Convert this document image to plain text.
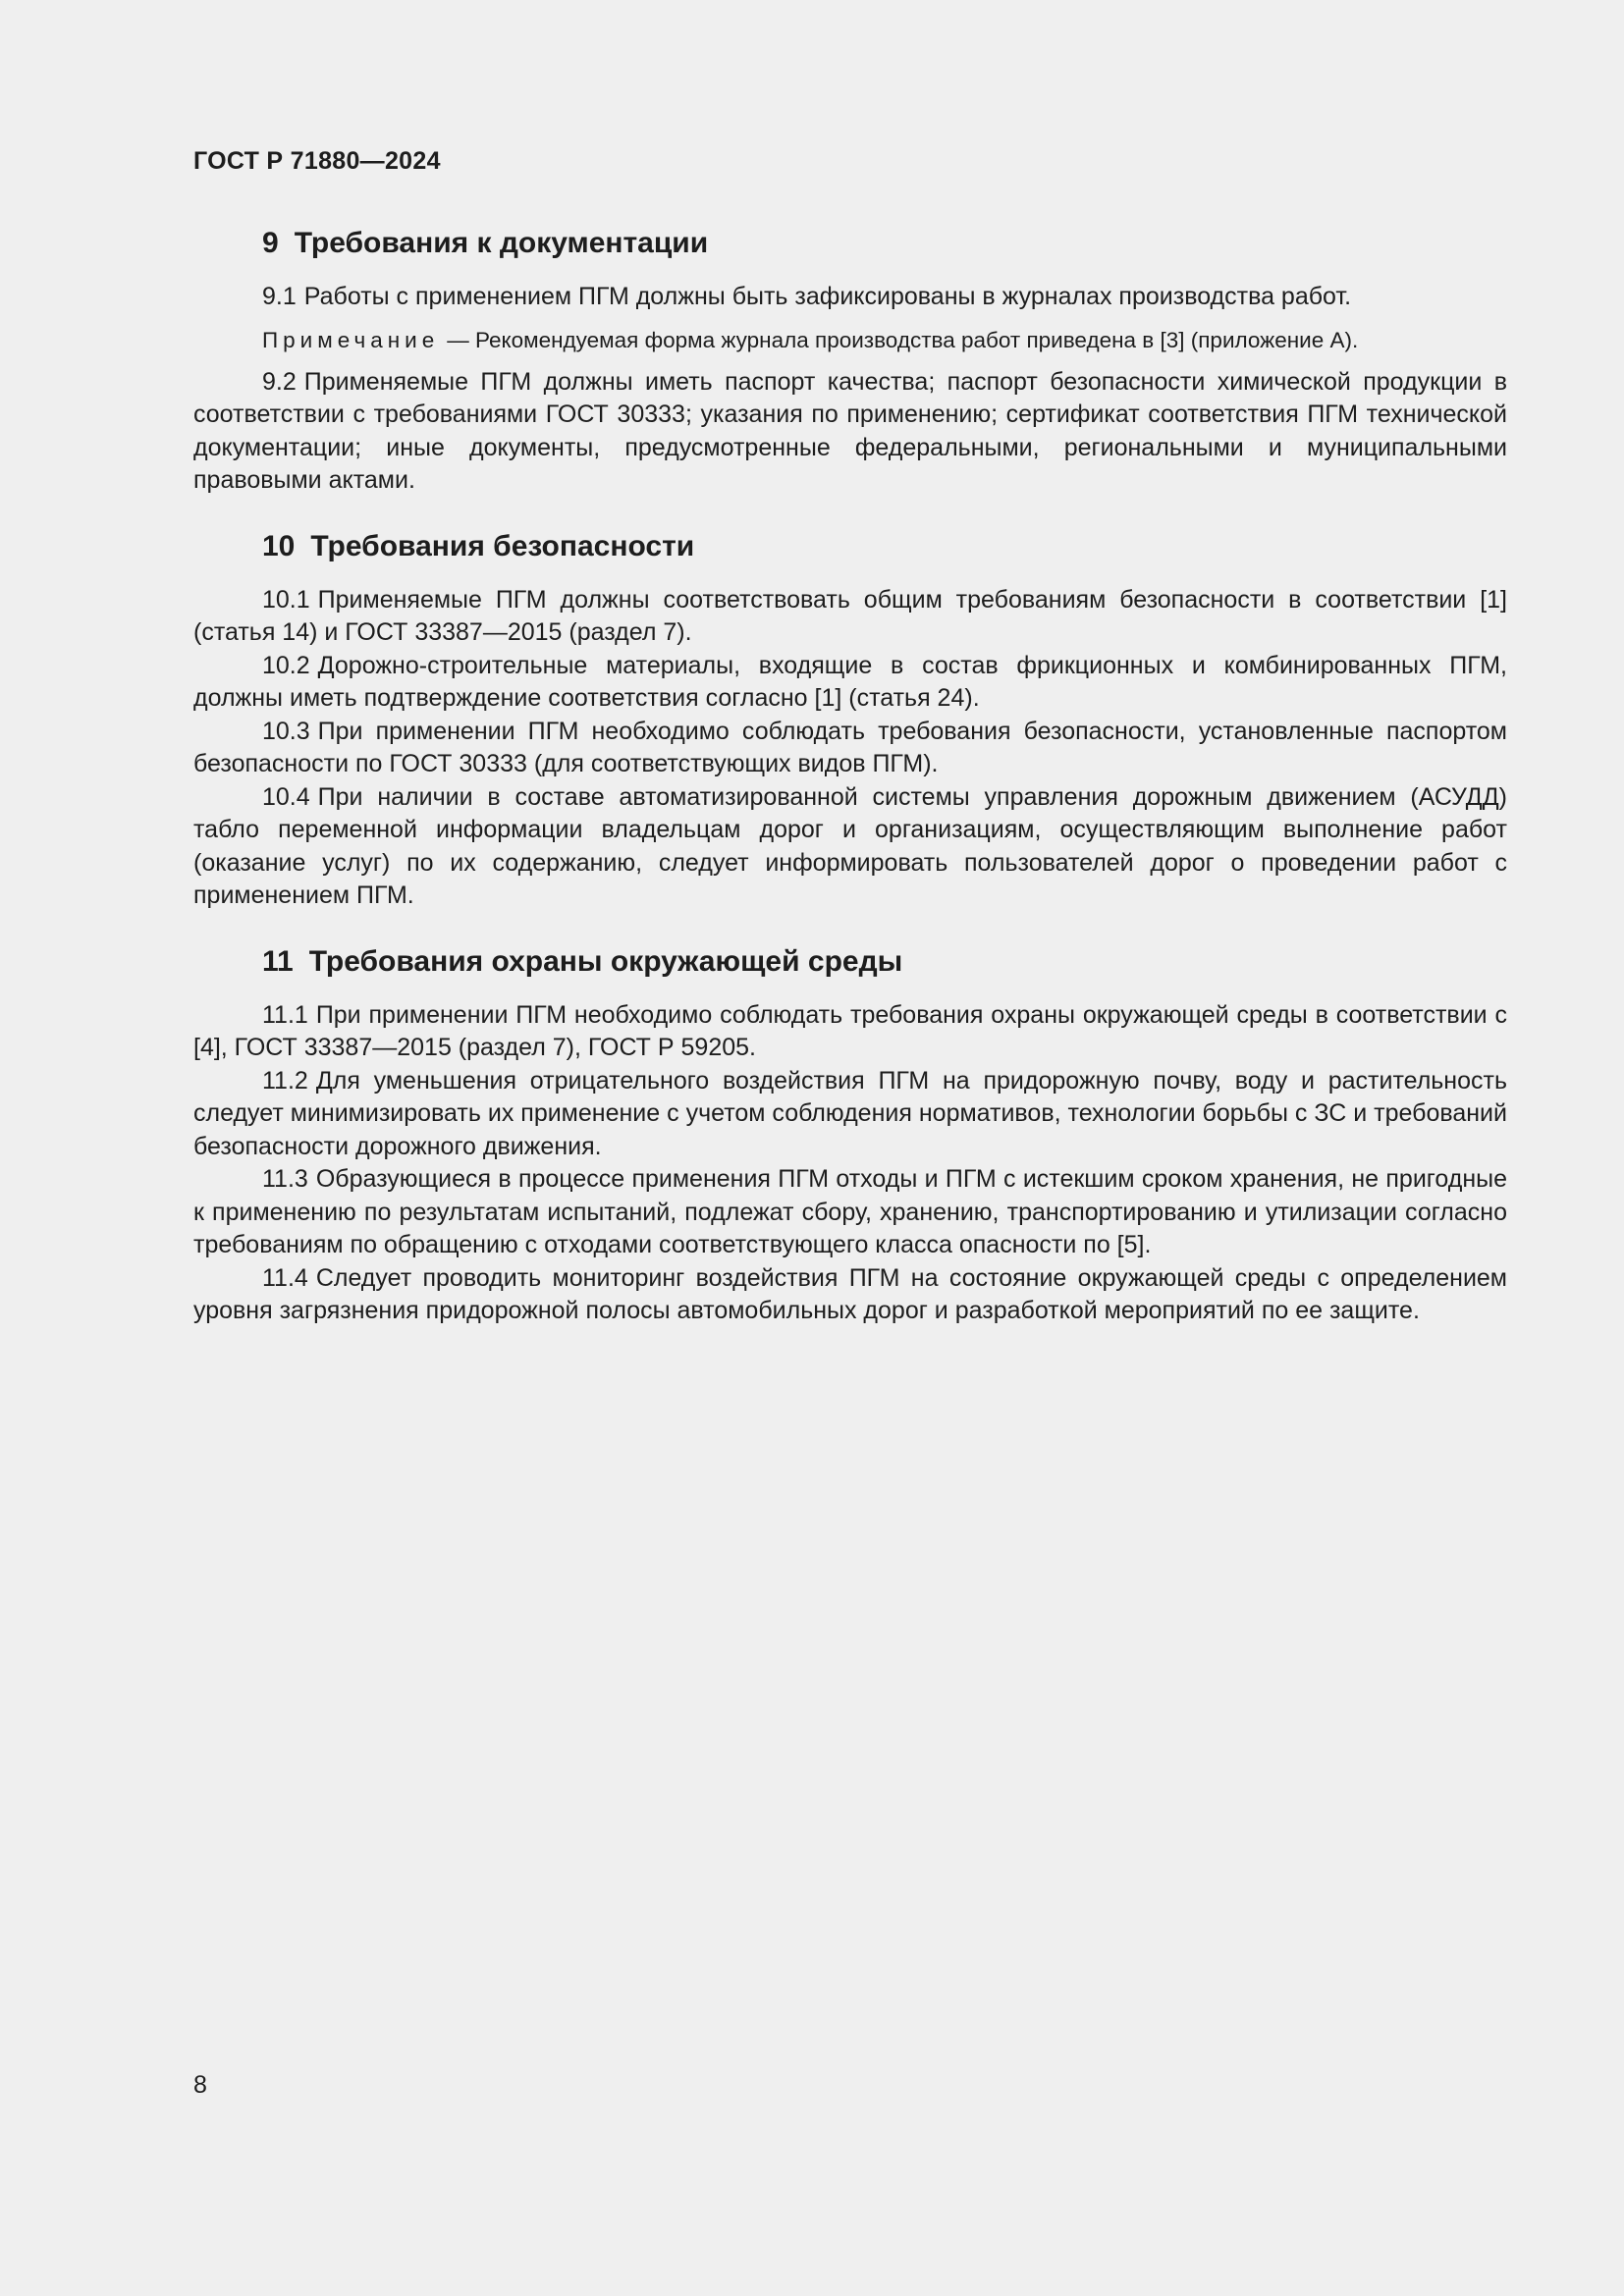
ГОСТ Р 71880—2024

9 Требования к документации

9.1 Работы с применением ПГМ должны быть зафиксированы в журналах производства работ.

Примечание — Рекомендуемая форма журнала производства работ приведена в [3] (приложение А).

9.2 Применяемые ПГМ должны иметь паспорт качества; паспорт безопасности химической продукции в соответствии с требованиями ГОСТ 30333; указания по применению; сертификат соответствия ПГМ технической документации; иные документы, предусмотренные федеральными, региональными и муниципальными правовыми актами.

10 Требования безопасности

10.1 Применяемые ПГМ должны соответствовать общим требованиям безопасности в соответствии [1] (статья 14) и ГОСТ 33387—2015 (раздел 7).

10.2 Дорожно-строительные материалы, входящие в состав фрикционных и комбинированных ПГМ, должны иметь подтверждение соответствия согласно [1] (статья 24).

10.3 При применении ПГМ необходимо соблюдать требования безопасности, установленные паспортом безопасности по ГОСТ 30333 (для соответствующих видов ПГМ).

10.4 При наличии в составе автоматизированной системы управления дорожным движением (АСУДД) табло переменной информации владельцам дорог и организациям, осуществляющим выполнение работ (оказание услуг) по их содержанию, следует информировать пользователей дорог о проведении работ с применением ПГМ.

11 Требования охраны окружающей среды

11.1 При применении ПГМ необходимо соблюдать требования охраны окружающей среды в соответствии с [4], ГОСТ 33387—2015 (раздел 7), ГОСТ Р 59205.

11.2 Для уменьшения отрицательного воздействия ПГМ на придорожную почву, воду и растительность следует минимизировать их применение с учетом соблюдения нормативов, технологии борьбы с ЗС и требований безопасности дорожного движения.

11.3 Образующиеся в процессе применения ПГМ отходы и ПГМ с истекшим сроком хранения, не пригодные к применению по результатам испытаний, подлежат сбору, хранению, транспортированию и утилизации согласно требованиям по обращению с отходами соответствующего класса опасности по [5].

11.4 Следует проводить мониторинг воздействия ПГМ на состояние окружающей среды с определением уровня загрязнения придорожной полосы автомобильных дорог и разработкой мероприятий по ее защите.

8
